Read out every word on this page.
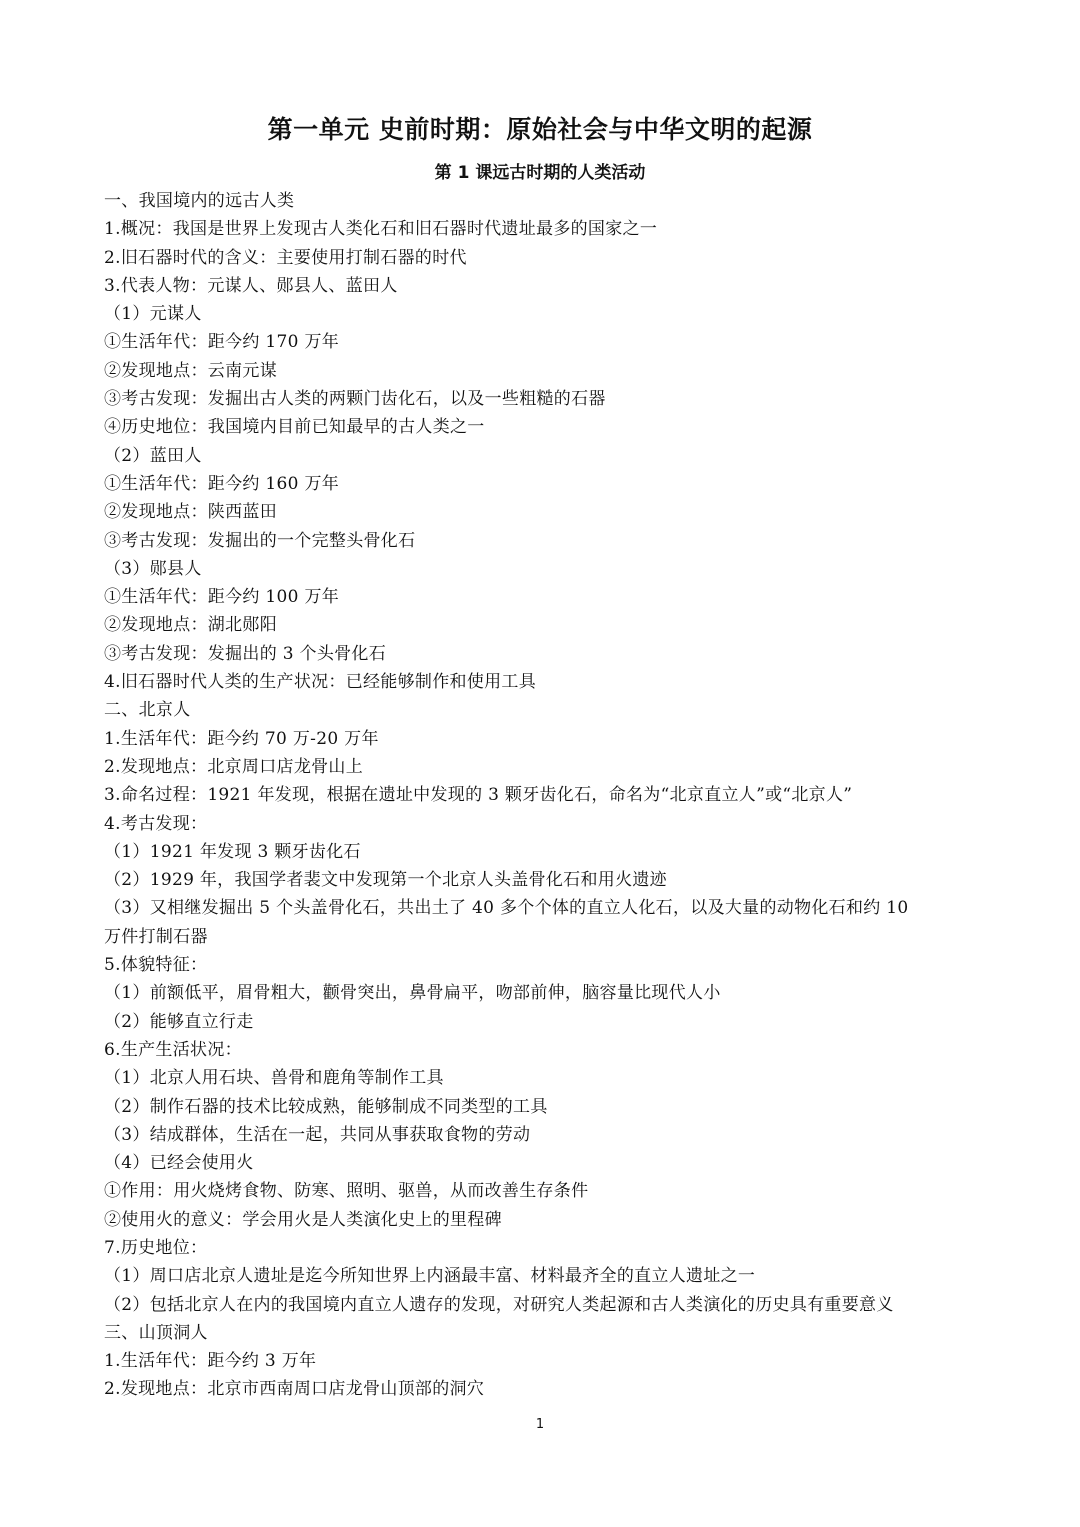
第一单元 史前时期：原始社会与中华文明的起源
第 1 课远古时期的人类活动
一、我国境内的远古人类
1.概况：我国是世界上发现古人类化石和旧石器时代遗址最多的国家之一
2.旧石器时代的含义：主要使用打制石器的时代
3.代表人物：元谋人、郧县人、蓝田人
（1）元谋人
①生活年代：距今约 170 万年
②发现地点：云南元谋
③考古发现：发掘出古人类的两颗门齿化石，以及一些粗糙的石器
④历史地位：我国境内目前已知最早的古人类之一
（2）蓝田人
①生活年代：距今约 160 万年
②发现地点：陕西蓝田
③考古发现：发掘出的一个完整头骨化石
（3）郧县人
①生活年代：距今约 100 万年
②发现地点：湖北郧阳
③考古发现：发掘出的 3 个头骨化石
4.旧石器时代人类的生产状况：已经能够制作和使用工具
二、北京人
1.生活年代：距今约 70 万-20 万年
2.发现地点：北京周口店龙骨山上
3.命名过程：1921 年发现，根据在遗址中发现的 3 颗牙齿化石，命名为“北京直立人”或“北京人”
4.考古发现：
（1）1921 年发现 3 颗牙齿化石
（2）1929 年，我国学者裴文中发现第一个北京人头盖骨化石和用火遗迹
（3）又相继发掘出 5 个头盖骨化石，共出土了 40 多个个体的直立人化石，以及大量的动物化石和约 10
万件打制石器
5.体貌特征：
（1）前额低平，眉骨粗大，颧骨突出，鼻骨扁平，吻部前伸，脑容量比现代人小
（2）能够直立行走
6.生产生活状况：
（1）北京人用石块、兽骨和鹿角等制作工具
（2）制作石器的技术比较成熟，能够制成不同类型的工具
（3）结成群体，生活在一起，共同从事获取食物的劳动
（4）已经会使用火
①作用：用火烧烤食物、防寒、照明、驱兽，从而改善生存条件
②使用火的意义：学会用火是人类演化史上的里程碑
7.历史地位：
（1）周口店北京人遗址是迄今所知世界上内涵最丰富、材料最齐全的直立人遗址之一
（2）包括北京人在内的我国境内直立人遗存的发现，对研究人类起源和古人类演化的历史具有重要意义
三、山顶洞人
1.生活年代：距今约 3 万年
2.发现地点：北京市西南周口店龙骨山顶部的洞穴
1
